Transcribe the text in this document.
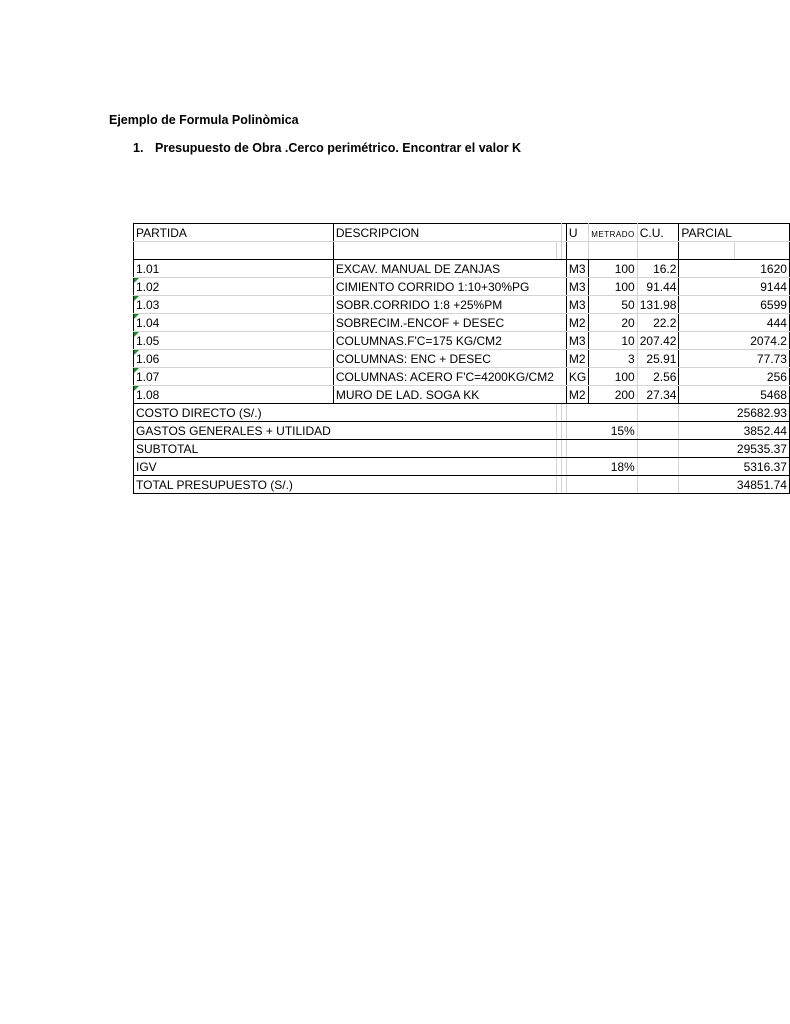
Ejemplo de Formula Polinòmica
1. Presupuesto de Obra .Cerco perimétrico. Encontrar el valor K
PARTIDA	DESCRIPCION			U	METRADO	C.U.	PARCIAL	

1.01	EXCAV. MANUAL DE ZANJAS			M3	100	16.2		1620

1.02	CIMIENTO CORRIDO 1:10+30%PG			M3	100	91.44		9144

1.03	SOBR.CORRIDO 1:8 +25%PM			M3	50	131.98		6599

1.04	SOBRECIM.-ENCOF + DESEC			M2	20	22.2		444

1.05	COLUMNAS.F'C=175 KG/CM2			M3	10	207.42		2074.2

1.06	COLUMNAS: ENC + DESEC			M2	3	25.91		77.73

1.07	COLUMNAS: ACERO F'C=4200KG/CM2			KG	100	2.56		256

1.08	MURO DE LAD. SOGA KK			M2	200	27.34		5468
COSTO DIRECTO (S/.)								25682.93
GASTOS GENERALES + UTILIDAD					15%			3852.44
SUBTOTAL								29535.37
IGV					18%			5316.37
TOTAL PRESUPUESTO (S/.)								34851.74
